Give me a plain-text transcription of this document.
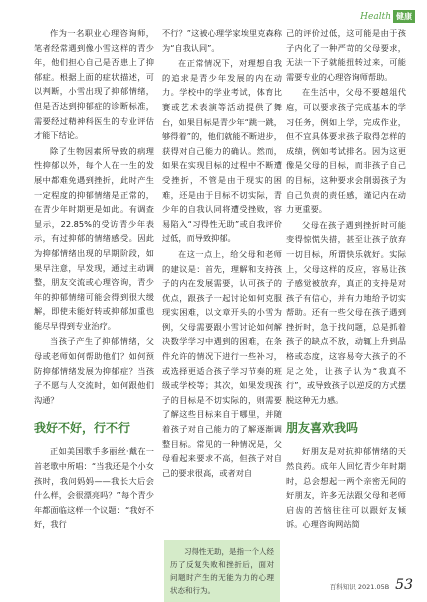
Health 健康

作为一名职业心理咨询师，笔者经常遇到像小雪这样的青少年，他们担心自己是否患上了抑郁症。根据上面的症状描述，可以判断，小雪出现了抑郁情绪，但是否达到抑郁症的诊断标准，需要经过精神科医生的专业评估才能下结论。

除了生物因素所导致的病理性抑郁以外，每个人在一生的发展中都难免遇到挫折，此时产生一定程度的抑郁情绪是正常的，在青少年时期更是如此。有调查显示，22.85%的受访青少年表示，有过抑郁的情绪感受。因此为抑郁情绪出现的早期阶段，如果早注意，早发现，通过主动调整，朋友交流或心理咨询，青少年的抑郁情绪可能会得到很大缓解，即使未能好转或抑郁加重也能尽早得到专业治疗。

当孩子产生了抑郁情绪，父母或老师如何帮助他们？如何预防抑郁情绪发展为抑郁症？当孩子不愿与人交流时，如何跟他们沟通？

我好不好，行不行

正如美国歌手多丽丝·戴在一首老歌中所唱：“当我还是个小女孩时，我问妈妈——我长大后会什么样，会很漂亮吗？”每个青少年都面临这样一个议题：“我好不好，我行

不行？”这被心理学家埃里克森称为“自我认同”。

在正常情况下，对理想自我的追求是青少年发展的内在动力。学校中的学业考试，体育比赛或艺术表演等活动提供了舞台，如果目标是青少年“跳一跳，够得着”的，他们就能不断进步，获得对自己能力的确认。然而，如果在实现目标的过程中不断遭受挫折，不管是由于现实的困难，还是由于目标不切实际，青少年的自我认同将遭受挫败，容易陷入“习得性无助”或自我评价过低，而导致抑郁。

在这一点上，给父母和老师的建议是：首先，理解和支持孩子的内在发展需要，认可孩子的优点，跟孩子一起讨论如何克服现实困难，以文章开头的小雪为例，父母需要跟小雪讨论如何解决数学学习中遇到的困难，在条件允许的情况下进行一些补习，或选择更适合孩子学习节奏的班级或学校等；其次，如果发现孩子的目标是不切实际的，则需要了解这些目标来自于哪里，并随着孩子对自己能力的了解逐渐调整目标。常见的一种情况是，父母看起来要求不高，但孩子对自己的要求很高，或者对自

习得性无助，是指一个人经历了反复失败和挫折后，面对问题时产生的无能为力的心理状态和行为。

己的评价过低，这可能是由于孩子内化了一种严苛的父母要求，无法一下子就能扭转过来，可能需要专业的心理咨询师帮助。

在生活中，父母不要越俎代庖，可以要求孩子完成基本的学习任务，例如上学，完成作业，但不宜具体要求孩子取得怎样的成绩，例如考试排名。因为这更像是父母的目标，而非孩子自己的目标，这种要求会削弱孩子为自己负责的责任感，谨记内在动力更重要。

父母在孩子遇到挫折时可能变得惊慌失措，甚至让孩子放弃一切目标，所谓快乐就好。实际上，父母这样的反应，容易让孩子感觉被放弃，真正的支持是对孩子有信心，并有力地给予切实帮助。还有一些父母在孩子遇到挫折时，急于找问题，总是抓着孩子的缺点不放，动辄上升到品格或态度，这容易夸大孩子的不足之处，让孩子认为“我真不行”，或导致孩子以逆反的方式摆脱这种无力感。

朋友喜欢我吗

好朋友是对抗抑郁情绪的天然良药。成年人回忆青少年时期时，总会想起一两个亲密无间的好朋友，许多无法跟父母和老师启齿的苦恼往往可以跟好友倾诉。心理咨询网站简

百科知识 2021.05B 53
